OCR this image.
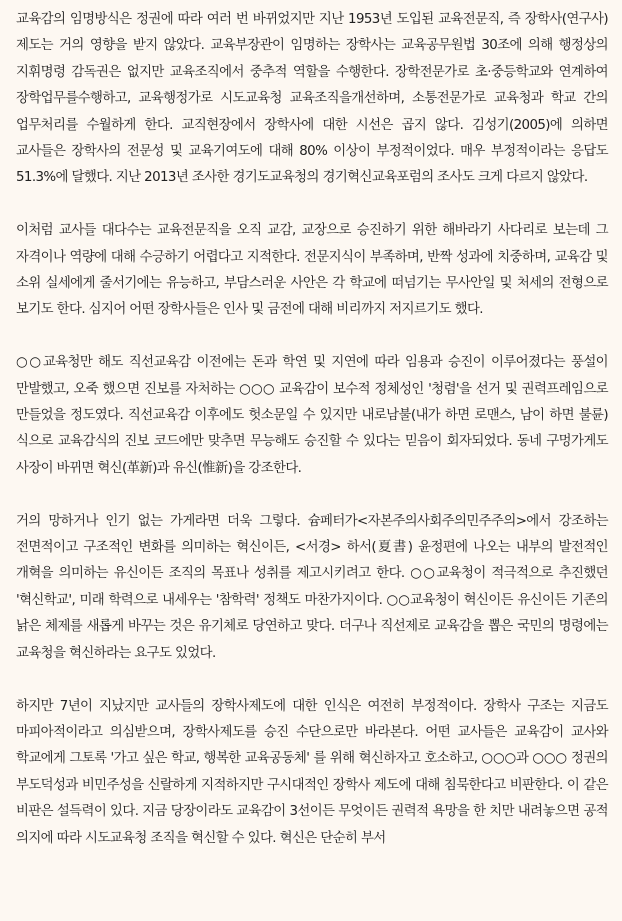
교육감의 임명방식은 정권에 따라 여러 번 바뀌었지만 지난 1953년 도입된 교육전문직, 즉 장학사(연구사)제도는 거의 영향을 받지 않았다. 교육부장관이 임명하는 장학사는 교육공무원법 30조에 의해 행정상의 지휘명령 감독권은 없지만 교육조직에서 중추적 역할을 수행한다. 장학전문가로 초·중등학교와 연계하여 장학업무를수행하고, 교육행정가로 시도교육청 교육조직을개선하며, 소통전문가로 교육청과 학교 간의 업무처리를 수월하게 한다. 교직현장에서 장학사에 대한 시선은 곱지 않다. 김성기(2005)에 의하면 교사들은 장학사의 전문성 및 교육기여도에 대해 80% 이상이 부정적이었다. 매우 부정적이라는 응답도 51.3%에 달했다. 지난 2013년 조사한 경기도교육청의 경기혁신교육포럼의 조사도 크게 다르지 않았다.

이처럼 교사들 대다수는 교육전문직을 오직 교감, 교장으로 승진하기 위한 해바라기 사다리로 보는데 그 자격이나 역량에 대해 수긍하기 어렵다고 지적한다. 전문지식이 부족하며, 반짝 성과에 치중하며, 교육감 및 소위 실세에게 줄서기에는 유능하고, 부담스러운 사안은 각 학교에 떠넘기는 무사안일 및 처세의 전형으로 보기도 한다. 심지어 어떤 장학사들은 인사 및 금전에 대해 비리까지 저지르기도 했다.

○○교육청만 해도 직선교육감 이전에는 돈과 학연 및 지연에 따라 임용과 승진이 이루어졌다는 풍설이 만발했고, 오죽 했으면 진보를 자처하는 ○○○ 교육감이 보수적 정체성인 '청렴'을 선거 및 권력프레임으로 만들었을 정도였다. 직선교육감 이후에도 헛소문일 수 있지만 내로남불(내가 하면 로맨스, 남이 하면 불륜)식으로 교육감식의 진보 코드에만 맞추면 무능해도 승진할 수 있다는 믿음이 회자되었다. 동네 구멍가게도 사장이 바뀌면 혁신(革新)과 유신(惟新)을 강조한다.

거의 망하거나 인기 없는 가게라면 더욱 그렇다. 슘페터가<자본주의사회주의민주주의>에서 강조하는 전면적이고 구조적인 변화를 의미하는 혁신이든, <서경> 하서(夏書) 윤정편에 나오는 내부의 발전적인 개혁을 의미하는 유신이든 조직의 목표나 성취를 제고시키려고 한다. ○○교육청이 적극적으로 추진했던 '혁신학교', 미래 학력으로 내세우는 '참학력' 정책도 마찬가지이다. ○○교육청이 혁신이든 유신이든 기존의 낡은 체제를 새롭게 바꾸는 것은 유기체로 당연하고 맞다. 더구나 직선제로 교육감을 뽑은 국민의 명령에는 교육청을 혁신하라는 요구도 있었다.

하지만 7년이 지났지만 교사들의 장학사제도에 대한 인식은 여전히 부정적이다. 장학사 구조는 지금도 마피아적이라고 의심받으며, 장학사제도를 승진 수단으로만 바라본다. 어떤 교사들은 교육감이 교사와 학교에게 그토록 '가고 싶은 학교, 행복한 교육공동체' 를 위해 혁신하자고 호소하고, ○○○과 ○○○ 정권의 부도덕성과 비민주성을 신랄하게 지적하지만 구시대적인 장학사 제도에 대해 침묵한다고 비판한다. 이 같은 비판은 설득력이 있다. 지금 당장이라도 교육감이 3선이든 무엇이든 권력적 욕망을 한 치만 내려놓으면 공적 의지에 따라 시도교육청 조직을 혁신할 수 있다. 혁신은 단순히 부서
